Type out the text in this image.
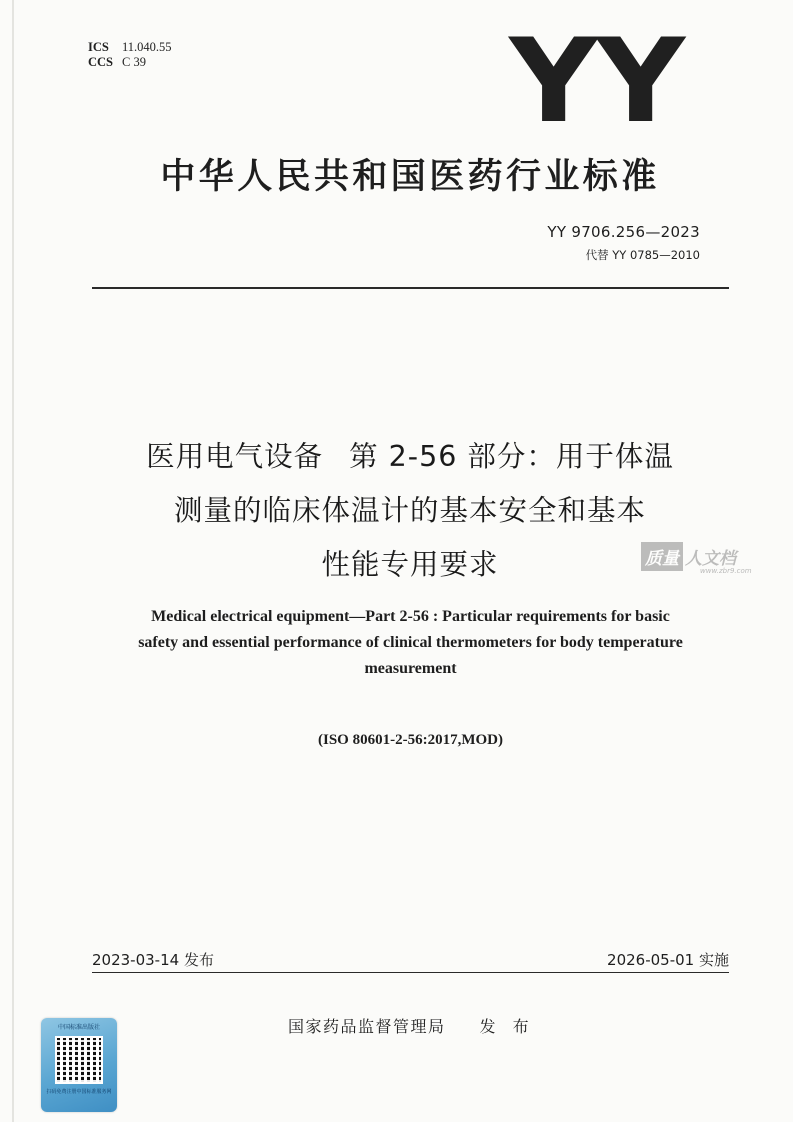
ICS 11.040.55
CCS C 39	YY
中华人民共和国医药行业标准
YY 9706.256—2023
代替 YY 0785—2010
医用电气设备 第 2-56 部分：用于体温
测量的临床体温计的基本安全和基本
性能专用要求	质量 人文档
www.zbr9.com
Medical electrical equipment—Part 2-56 : Particular requirements for basic
safety and essential performance of clinical thermometers for body temperature
measurement
(ISO 80601-2-56:2017,MOD)
2023-03-14 发布	2026-05-01 实施
国家药品监督管理局 发 布
中国标准出版社
扫码免费注册中国标准服务网
